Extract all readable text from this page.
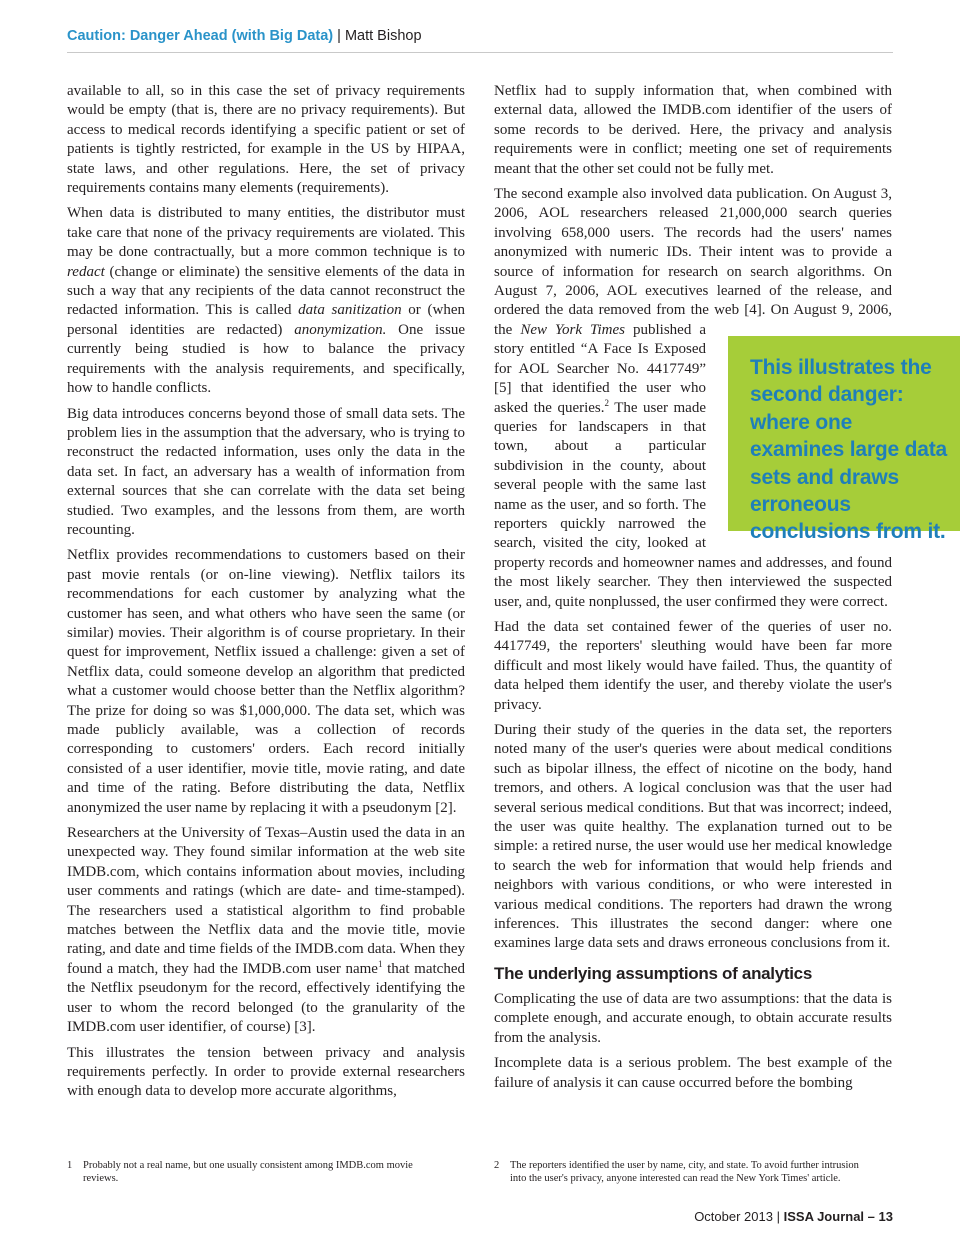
Caution: Danger Ahead (with Big Data) | Matt Bishop

available to all, so in this case the set of privacy requirements would be empty (that is, there are no privacy requirements). But access to medical records identifying a specific patient or set of patients is tightly restricted, for example in the US by HIPAA, state laws, and other regulations. Here, the set of privacy requirements contains many elements (requirements).

When data is distributed to many entities, the distributor must take care that none of the privacy requirements are violated. This may be done contractually, but a more common technique is to redact (change or eliminate) the sensitive elements of the data in such a way that any recipients of the data cannot reconstruct the redacted information. This is called data sanitization or (when personal identities are redacted) anonymization. One issue currently being studied is how to balance the privacy requirements with the analysis requirements, and specifically, how to handle conflicts.

Big data introduces concerns beyond those of small data sets. The problem lies in the assumption that the adversary, who is trying to reconstruct the redacted information, uses only the data in the data set. In fact, an adversary has a wealth of information from external sources that she can correlate with the data set being studied. Two examples, and the lessons from them, are worth recounting.

Netflix provides recommendations to customers based on their past movie rentals (or on-line viewing). Netflix tailors its recommendations for each customer by analyzing what the customer has seen, and what others who have seen the same (or similar) movies. Their algorithm is of course proprietary. In their quest for improvement, Netflix issued a challenge: given a set of Netflix data, could someone develop an algorithm that predicted what a customer would choose better than the Netflix algorithm? The prize for doing so was $1,000,000. The data set, which was made publicly available, was a collection of records corresponding to customers' orders. Each record initially consisted of a user identifier, movie title, movie rating, and date and time of the rating. Before distributing the data, Netflix anonymized the user name by replacing it with a pseudonym [2].

Researchers at the University of Texas–Austin used the data in an unexpected way. They found similar information at the web site IMDB.com, which contains information about movies, including user comments and ratings (which are date- and time-stamped). The researchers used a statistical algorithm to find probable matches between the Netflix data and the movie title, movie rating, and date and time fields of the IMDB.com data. When they found a match, they had the IMDB.com user name$^1$ that matched the Netflix pseudonym for the record, effectively identifying the user to whom the record belonged (to the granularity of the IMDB.com user identifier, of course) [3].

This illustrates the tension between privacy and analysis requirements perfectly. In order to provide external researchers with enough data to develop more accurate algorithms,

Netflix had to supply information that, when combined with external data, allowed the IMDB.com identifier of the users of some records to be derived. Here, the privacy and analysis requirements were in conflict; meeting one set of requirements meant that the other set could not be fully met.

The second example also involved data publication. On August 3, 2006, AOL researchers released 21,000,000 search queries involving 658,000 users. The records had the users' names anonymized with numeric IDs. Their intent was to provide a source of information for research on search algorithms. On August 7, 2006, AOL executives learned of the release, and ordered the data removed from the web [4]. On August 9, 2006, the
New York Times published a story entitled “A Face Is Exposed for AOL Searcher No. 4417749” [5] that identified the user who asked the queries.$^2$ The user made queries for landscapers in that town, about a particular subdivision in the county, about several people with the same last name as the user, and so forth. The reporters quickly narrowed the search, visited the city, looked at property records and homeowner names and addresses, and found the most likely searcher. They then interviewed the suspected user, and, quite nonplussed, the user confirmed they were correct.

Had the data set contained fewer of the queries of user no. 4417749, the reporters' sleuthing would have been far more difficult and most likely would have failed. Thus, the quantity of data helped them identify the user, and thereby violate the user's privacy.

During their study of the queries in the data set, the reporters noted many of the user's queries were about medical conditions such as bipolar illness, the effect of nicotine on the body, hand tremors, and others. A logical conclusion was that the user had several serious medical conditions. But that was incorrect; indeed, the user was quite healthy. The explanation turned out to be simple: a retired nurse, the user would use her medical knowledge to search the web for information that would help friends and neighbors with various conditions, or who were interested in various medical conditions. The reporters had drawn the wrong inferences. This illustrates the second danger: where one examines large data sets and draws erroneous conclusions from it.

The underlying assumptions of analytics

Complicating the use of data are two assumptions: that the data is complete enough, and accurate enough, to obtain accurate results from the analysis.

Incomplete data is a serious problem. The best example of the failure of analysis it can cause occurred before the bombing

This illustrates the second danger: where one examines large data sets and draws erroneous conclusions from it.
1 Probably not a real name, but one usually consistent among IMDB.com movie reviews.
2 The reporters identified the user by name, city, and state. To avoid further intrusion into the user's privacy, anyone interested can read the New York Times' article.
October 2013 | ISSA Journal – 13
